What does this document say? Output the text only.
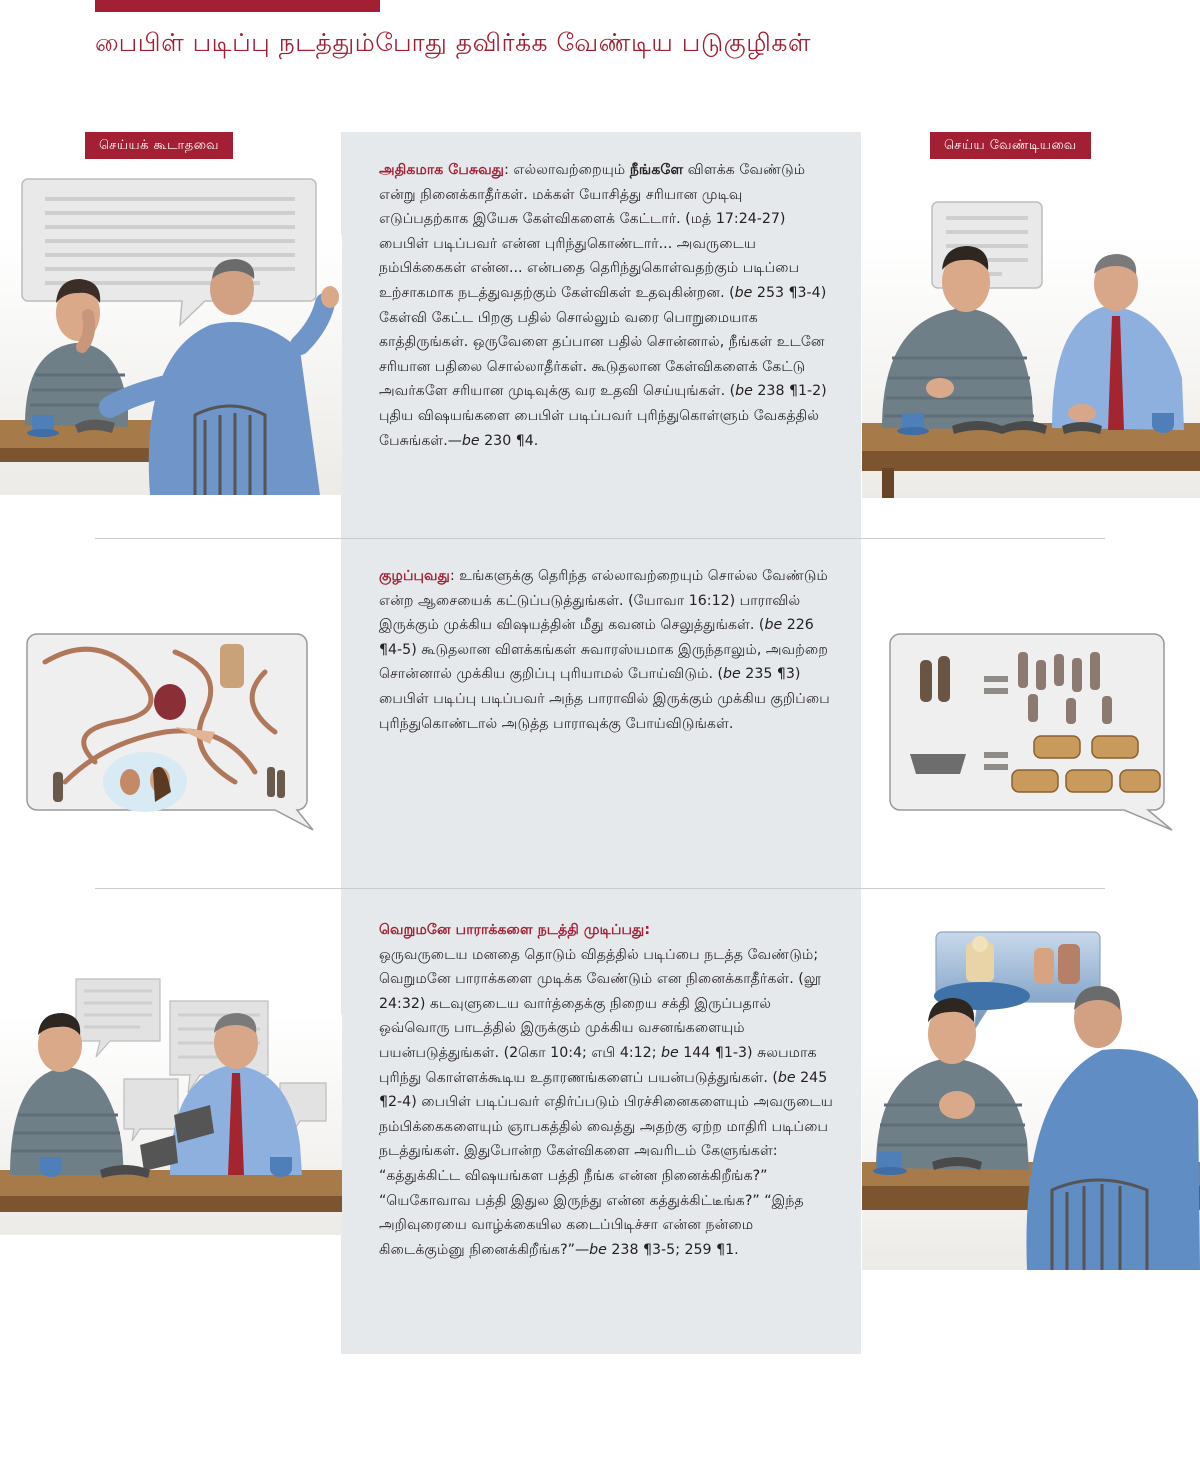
பைபிள் படிப்பு நடத்தும்போது தவிர்க்க வேண்டிய படுகுழிகள்
செய்யக் கூடாதவை	செய்ய வேண்டியவை

அதிகமாக பேசுவது: எல்லாவற்றையும் நீங்களே விளக்க வேண்டும் என்று நினைக்காதீர்கள். மக்கள் யோசித்து சரியான முடிவு எடுப்பதற்காக இயேசு கேள்விகளைக் கேட்டார். (மத் 17:24-27) பைபிள் படிப்பவர் என்ன புரிந்துகொண்டார்... அவருடைய நம்பிக்கைகள் என்ன... என்பதை தெரிந்துகொள்வதற்கும் படிப்பை உற்சாகமாக நடத்துவதற்கும் கேள்விகள் உதவுகின்றன. (be 253 ¶3-4) கேள்வி கேட்ட பிறகு பதில் சொல்லும் வரை பொறுமையாக காத்திருங்கள். ஒருவேளை தப்பான பதில் சொன்னால், நீங்கள் உடனே சரியான பதிலை சொல்லாதீர்கள். கூடுதலான கேள்விகளைக் கேட்டு அவர்களே சரியான முடிவுக்கு வர உதவி செய்யுங்கள். (be 238 ¶1-2) புதிய விஷயங்களை பைபிள் படிப்பவர் புரிந்துகொள்ளும் வேகத்தில் பேசுங்கள்.—be 230 ¶4.

குழப்புவது: உங்களுக்கு தெரிந்த எல்லாவற்றையும் சொல்ல வேண்டும் என்ற ஆசையைக் கட்டுப்படுத்துங்கள். (யோவா 16:12) பாராவில் இருக்கும் முக்கிய விஷயத்தின் மீது கவனம் செலுத்துங்கள். (be 226 ¶4-5) கூடுதலான விளக்கங்கள் சுவாரஸ்யமாக இருந்தாலும், அவற்றை சொன்னால் முக்கிய குறிப்பு புரியாமல் போய்விடும். (be 235 ¶3) பைபிள் படிப்பு படிப்பவர் அந்த பாராவில் இருக்கும் முக்கிய குறிப்பை புரிந்துகொண்டால் அடுத்த பாராவுக்கு போய்விடுங்கள்.

வெறுமனே பாராக்களை நடத்தி முடிப்பது:

ஒருவருடைய மனதை தொடும் விதத்தில் படிப்பை நடத்த வேண்டும்; வெறுமனே பாராக்களை முடிக்க வேண்டும் என நினைக்காதீர்கள். (லூ 24:32) கடவுளுடைய வார்த்தைக்கு நிறைய சக்தி இருப்பதால் ஒவ்வொரு பாடத்தில் இருக்கும் முக்கிய வசனங்களையும் பயன்படுத்துங்கள். (2கொ 10:4; எபி 4:12; be 144 ¶1-3) சுலபமாக புரிந்து கொள்ளக்கூடிய உதாரணங்களைப் பயன்படுத்துங்கள். (be 245 ¶2-4) பைபிள் படிப்பவர் எதிர்ப்படும் பிரச்சினைகளையும் அவருடைய நம்பிக்கைகளையும் ஞாபகத்தில் வைத்து அதற்கு ஏற்ற மாதிரி படிப்பை நடத்துங்கள். இதுபோன்ற கேள்விகளை அவரிடம் கேளுங்கள்: “கத்துக்கிட்ட விஷயங்கள பத்தி நீங்க என்ன நினைக்கிறீங்க?” “யெகோவாவ பத்தி இதுல இருந்து என்ன கத்துக்கிட்டீங்க?” “இந்த அறிவுரையை வாழ்க்கையில கடைப்பிடிச்சா என்ன நன்மை கிடைக்கும்னு நினைக்கிறீங்க?”—be 238 ¶3-5; 259 ¶1.
